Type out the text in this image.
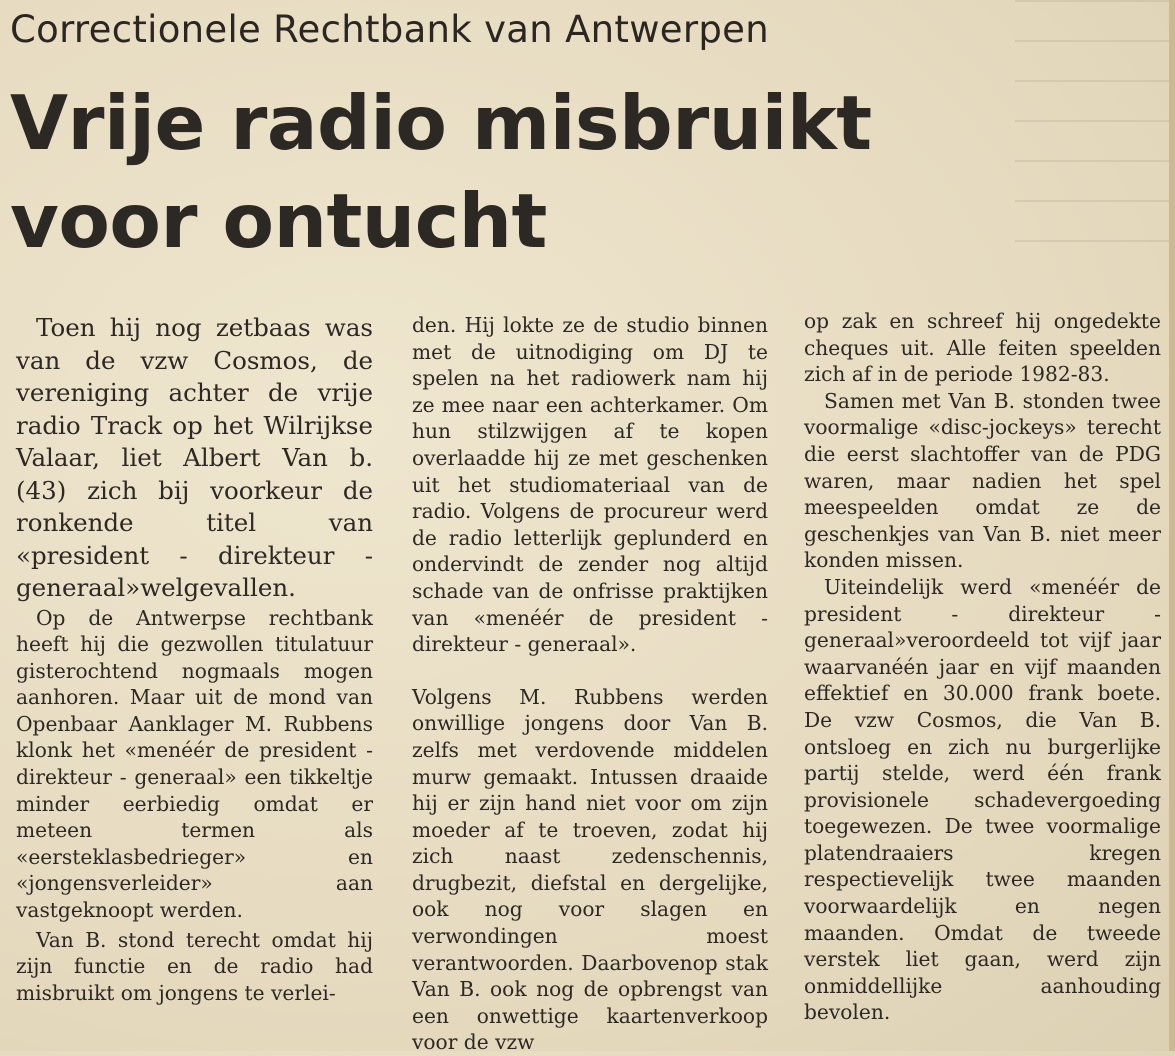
Correctionele Rechtbank van Antwerpen
Vrije radio misbruikt
voor ontucht

Toen hij nog zetbaas was van de vzw Cosmos, de vereniging achter de vrije radio Track op het Wilrijkse Valaar, liet Albert Van b. (43) zich bij voorkeur de ronkende titel van «president - direkteur - generaal»welgevallen.

Op de Antwerpse rechtbank heeft hij die gezwollen titulatuur gisterochtend nogmaals mogen aanhoren. Maar uit de mond van Openbaar Aanklager M. Rubbens klonk het «menéér de president - direkteur - generaal» een tikkeltje minder eerbiedig omdat er meteen termen als «eersteklasbedrieger» en «jongensverleider» aan vastgeknoopt werden.

Van B. stond terecht omdat hij zijn functie en de radio had misbruikt om jongens te verlei-

den. Hij lokte ze de studio binnen met de uitnodiging om DJ te spelen na het radiowerk nam hij ze mee naar een achterkamer. Om hun stilzwijgen af te kopen overlaadde hij ze met geschenken uit het studiomateriaal van de radio. Volgens de procureur werd de radio letterlijk geplunderd en ondervindt de zender nog altijd schade van de onfrisse praktijken van «menéér de president - direkteur - generaal».

Volgens M. Rubbens werden onwillige jongens door Van B. zelfs met verdovende middelen murw gemaakt. Intussen draaide hij er zijn hand niet voor om zijn moeder af te troeven, zodat hij zich naast zedenschennis, drugbezit, diefstal en dergelijke, ook nog voor slagen en verwondingen moest verantwoorden. Daarbovenop stak Van B. ook nog de opbrengst van een onwettige kaartenverkoop voor de vzw

op zak en schreef hij ongedekte cheques uit. Alle feiten speelden zich af in de periode 1982-83.

Samen met Van B. stonden twee voormalige «disc-jockeys» terecht die eerst slachtoffer van de PDG waren, maar nadien het spel meespeelden omdat ze de geschenkjes van Van B. niet meer konden missen.

Uiteindelijk werd «menéér de president - direkteur - generaal»veroordeeld tot vijf jaar waarvanéén jaar en vijf maanden effektief en 30.000 frank boete. De vzw Cosmos, die Van B. ontsloeg en zich nu burgerlijke partij stelde, werd één frank provisionele schadevergoeding toegewezen. De twee voormalige platendraaiers kregen respectievelijk twee maanden voorwaardelijk en negen maanden. Omdat de tweede verstek liet gaan, werd zijn onmiddellijke aanhouding bevolen.
